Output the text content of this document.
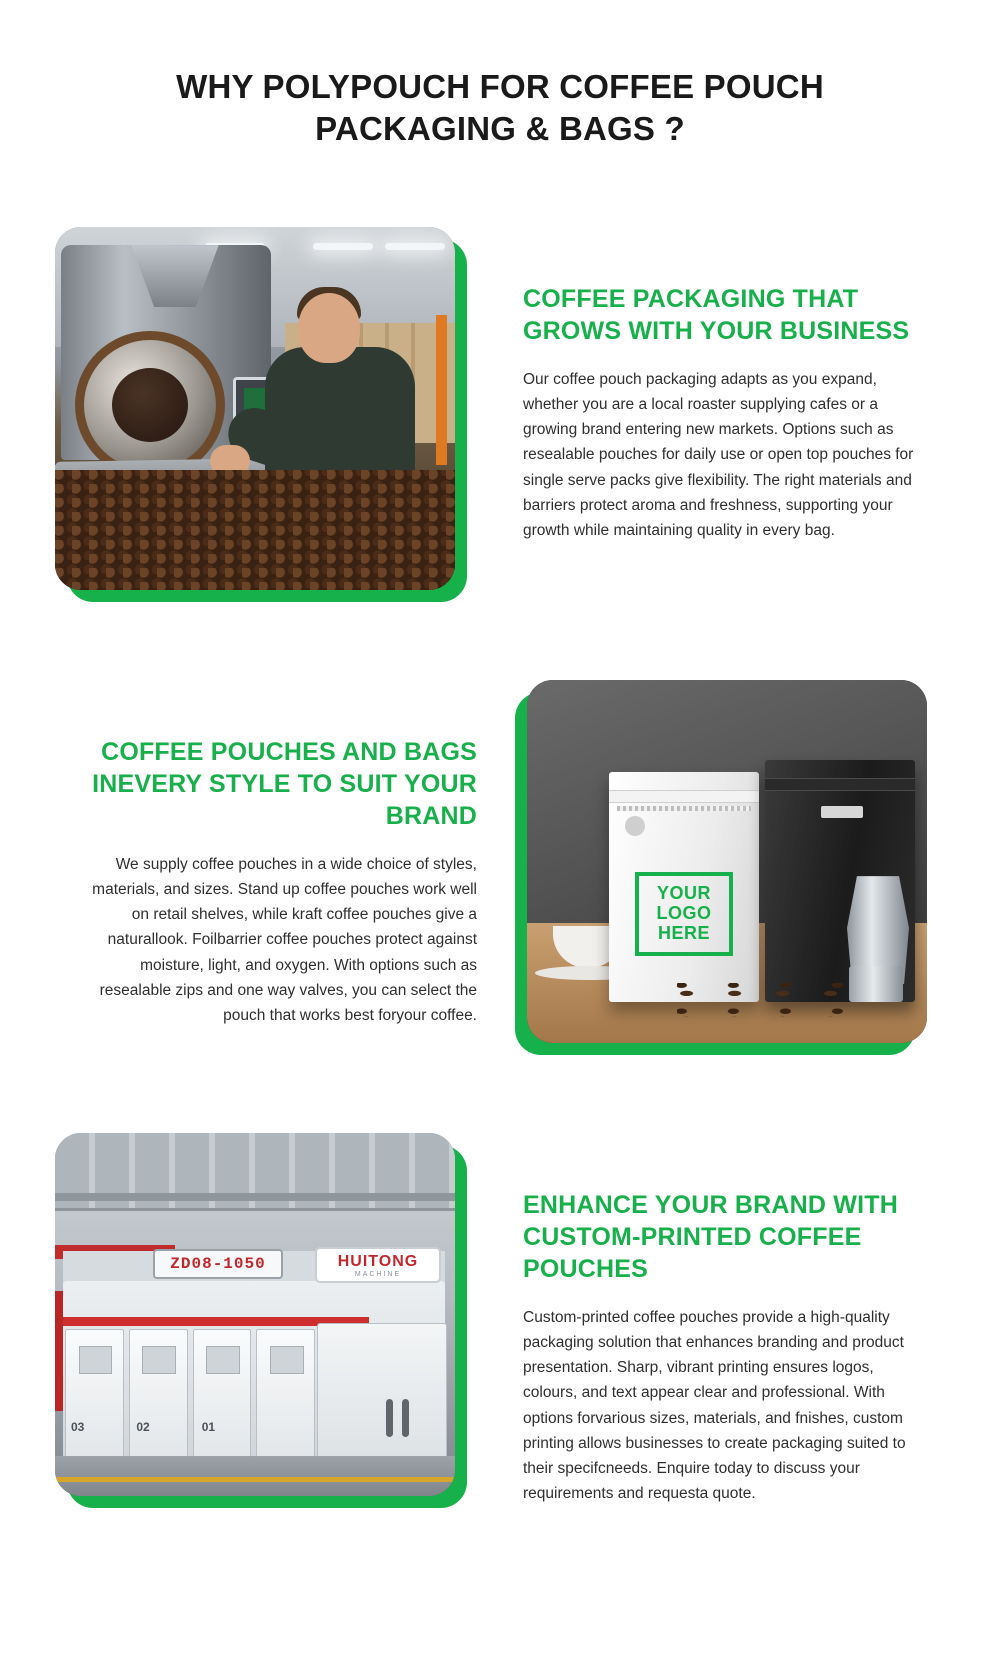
WHY POLYPOUCH FOR COFFEE POUCH PACKAGING & BAGS ?
COFFEE PACKAGING THAT GROWS WITH YOUR BUSINESS

Our coffee pouch packaging adapts as you expand, whether you are a local roaster supplying cafes or a growing brand entering new markets. Options such as resealable pouches for daily use or open top pouches for single serve packs give flexibility. The right materials and barriers protect aroma and freshness, supporting your growth while maintaining quality in every bag.

YOUR
LOGO
HERE
COFFEE POUCHES AND BAGS INEVERY STYLE TO SUIT YOUR BRAND

We supply coffee pouches in a wide choice of styles, materials, and sizes. Stand up coffee pouches work well on retail shelves, while kraft coffee pouches give a naturallook. Foilbarrier coffee pouches protect against moisture, light, and oxygen. With options such as resealable zips and one way valves, you can select the pouch that works best foryour coffee.

ZD08-1050	HUITONG
MACHINE
03	02	01
ENHANCE YOUR BRAND WITH CUSTOM-PRINTED COFFEE POUCHES

Custom-printed coffee pouches provide a high-quality packaging solution that enhances branding and product presentation. Sharp, vibrant printing ensures logos, colours, and text appear clear and professional. With options forvarious sizes, materials, and fnishes, custom printing allows businesses to create packaging suited to their specifcneeds. Enquire today to discuss your requirements and requesta quote.
